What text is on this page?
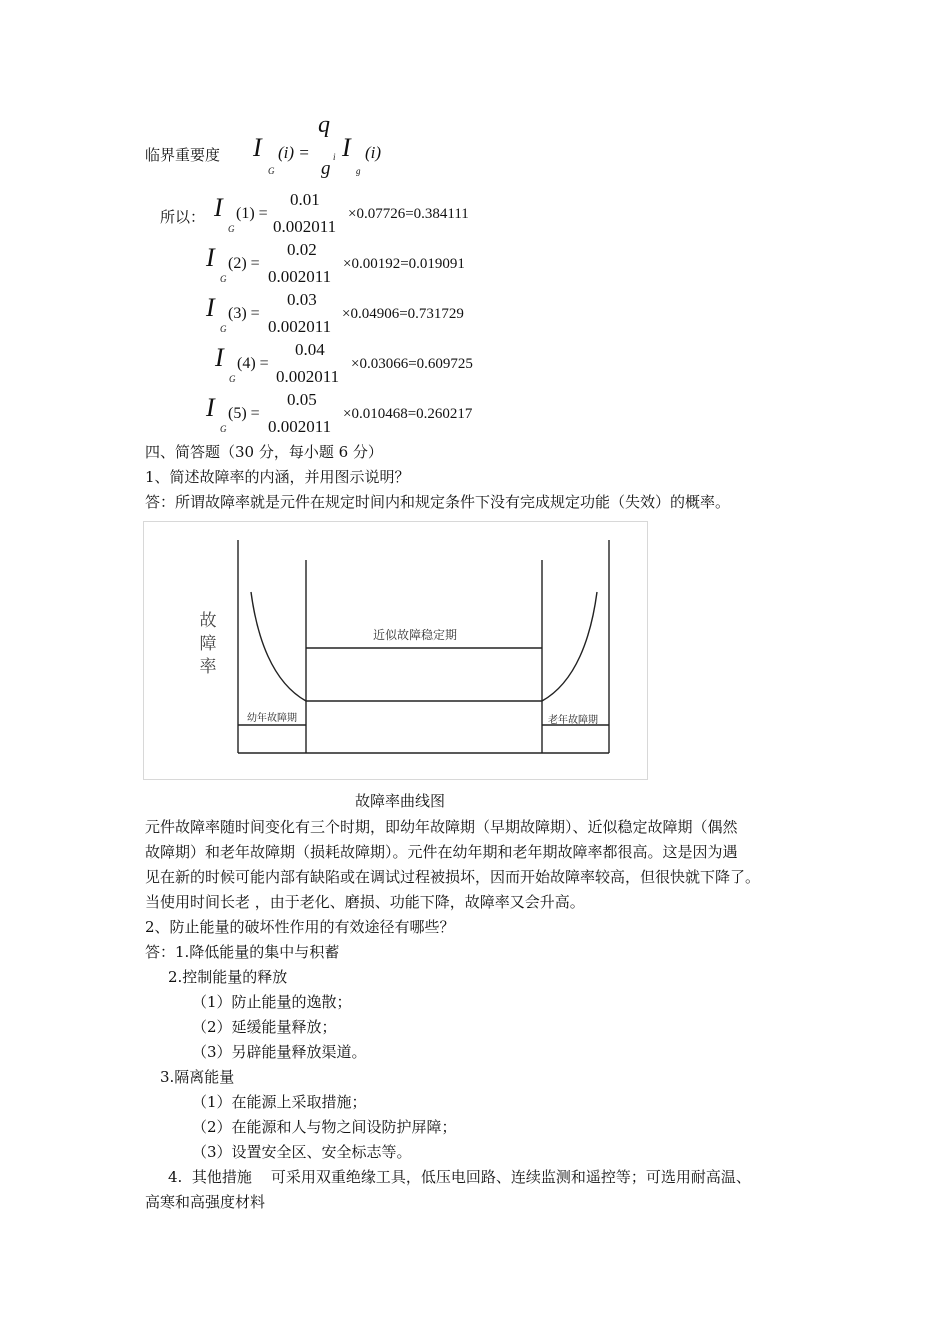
临界重要度 I
G
(i) =
q
i
g
I
g
(i)
所以： I
G
(1) =
0.01
0.002011
×0.07726=0.384111
I
G
(2) =
0.02
0.002011
×0.00192=0.019091
I
G
(3) =
0.03
0.002011
×0.04906=0.731729
I
G
(4) =
0.04
0.002011
×0.03066=0.609725
I
G
(5) =
0.05
0.002011
×0.010468=0.260217
四、简答题（30 分，每小题 6 分）
1、简述故障率的内涵，并用图示说明？
答：所谓故障率就是元件在规定时间内和规定条件下没有完成规定功能（失效）的概率。
故
障
率
近似故障稳定期
幼年故障期	老年故障期
故障率曲线图
元件故障率随时间变化有三个时期，即幼年故障期（早期故障期）、近似稳定故障期（偶然
故障期）和老年故障期（损耗故障期）。元件在幼年期和老年期故障率都很高。这是因为遇
见在新的时候可能内部有缺陷或在调试过程被损坏，因而开始故障率较高，但很快就下降了。
当使用时间长老 ，由于老化、磨损、功能下降，故障率又会升高。
2、防止能量的破坏性作用的有效途径有哪些？
答：1.降低能量的集中与积蓄
2.控制能量的释放
（1）防止能量的逸散；
（2）延缓能量释放；
（3）另辟能量释放渠道。
3.隔离能量
（1）在能源上采取措施；
（2）在能源和人与物之间设防护屏障；
（3）设置安全区、安全标志等。
4.  其他措施    可采用双重绝缘工具，低压电回路、连续监测和遥控等；可选用耐高温、
高寒和高强度材料
